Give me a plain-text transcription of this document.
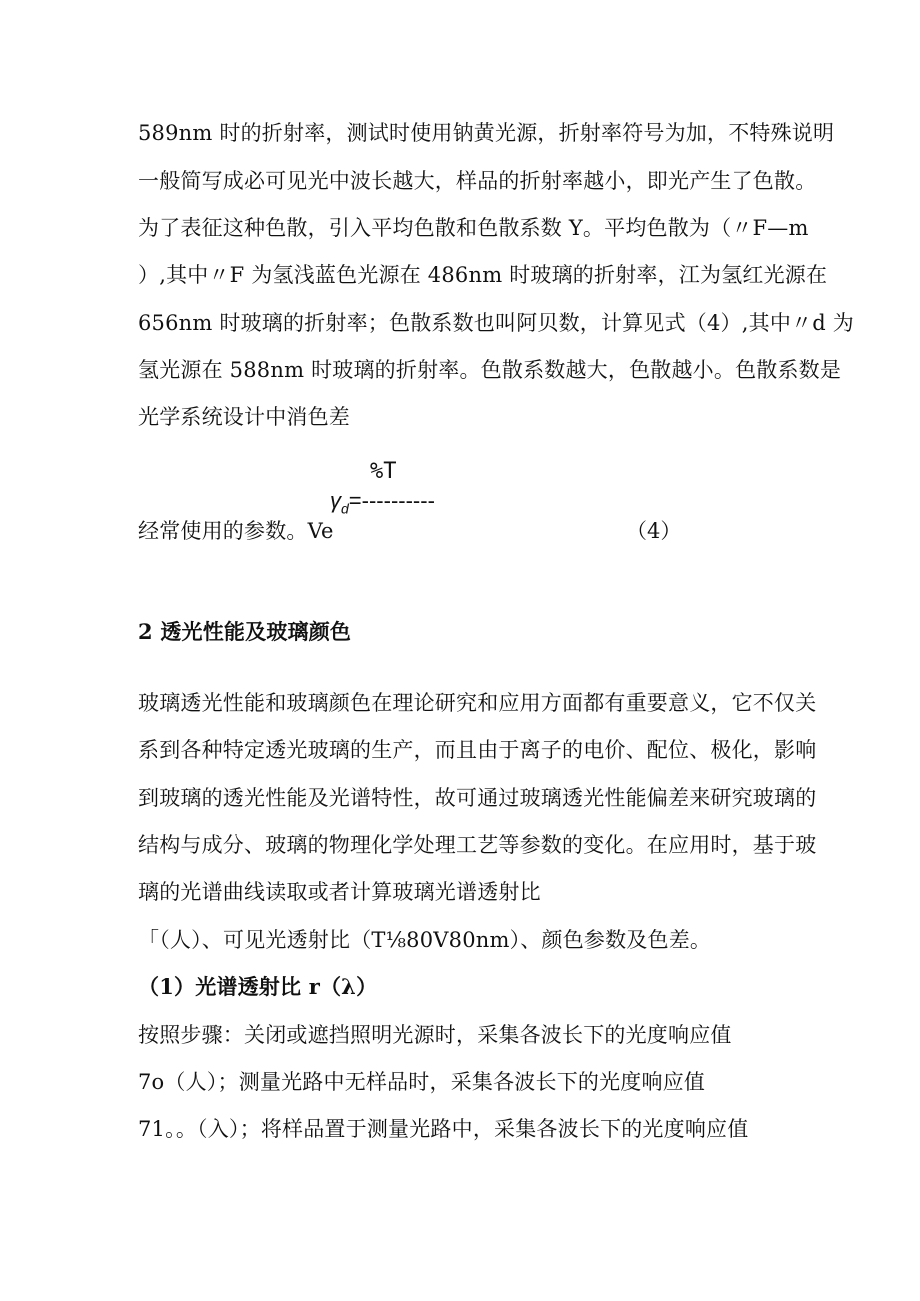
589nm 时的折射率，测试时使用钠黄光源，折射率符号为加，不特殊说明
一般简写成必可见光中波长越大，样品的折射率越小，即光产生了色散。
为了表征这种色散，引入平均色散和色散系数 Y。平均色散为（〃F—m
）,其中〃F 为氢浅蓝色光源在 486nm 时玻璃的折射率，江为氢红光源在
656nm 时玻璃的折射率；色散系数也叫阿贝数，计算见式（4）,其中〃d 为
氢光源在 588nm 时玻璃的折射率。色散系数越大，色散越小。色散系数是
光学系统设计中消色差
%T
$\gamma_d=----------$
经常使用的参数。Ve	（4）
2 透光性能及玻璃颜色
玻璃透光性能和玻璃颜色在理论研究和应用方面都有重要意义，它不仅关
系到各种特定透光玻璃的生产，而且由于离子的电价、配位、极化，影响
到玻璃的透光性能及光谱特性，故可通过玻璃透光性能偏差来研究玻璃的
结构与成分、玻璃的物理化学处理工艺等参数的变化。在应用时，基于玻
璃的光谱曲线读取或者计算玻璃光谱透射比
「（人）、可见光透射比（T⅛80V80nm）、颜色参数及色差。
（1）光谱透射比 r（λ）
按照步骤：关闭或遮挡照明光源时，采集各波长下的光度响应值
7o（人）；测量光路中无样品时，采集各波长下的光度响应值
71。。（入）；将样品置于测量光路中，采集各波长下的光度响应值
